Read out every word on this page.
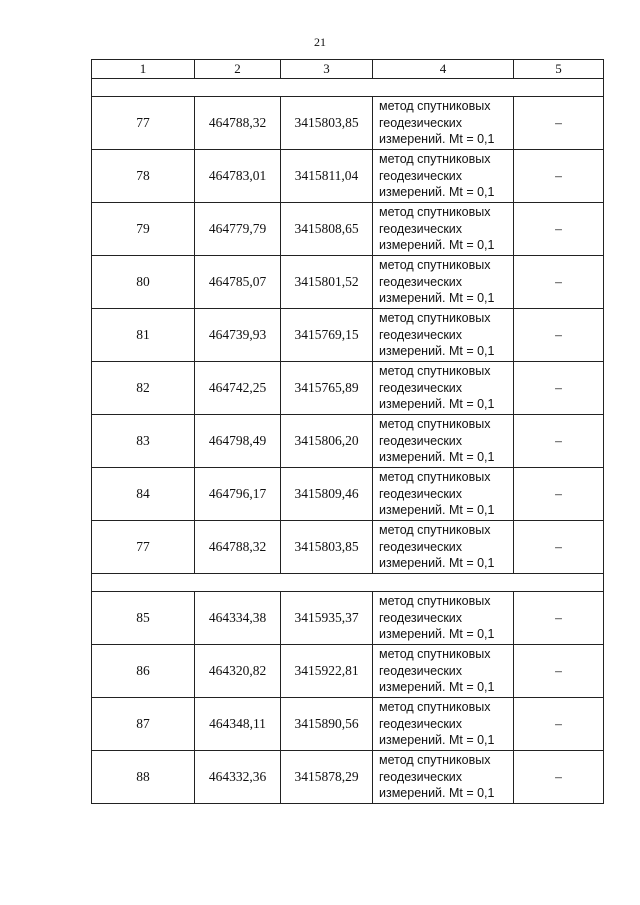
21
1	2	3	4	5

77	464788,32	3415803,85	метод спутниковых
геодезических
измерений. Mt = 0,1	–
78	464783,01	3415811,04	метод спутниковых
геодезических
измерений. Mt = 0,1	–
79	464779,79	3415808,65	метод спутниковых
геодезических
измерений. Mt = 0,1	–
80	464785,07	3415801,52	метод спутниковых
геодезических
измерений. Mt = 0,1	–
81	464739,93	3415769,15	метод спутниковых
геодезических
измерений. Mt = 0,1	–
82	464742,25	3415765,89	метод спутниковых
геодезических
измерений. Mt = 0,1	–
83	464798,49	3415806,20	метод спутниковых
геодезических
измерений. Mt = 0,1	–
84	464796,17	3415809,46	метод спутниковых
геодезических
измерений. Mt = 0,1	–
77	464788,32	3415803,85	метод спутниковых
геодезических
измерений. Mt = 0,1	–

85	464334,38	3415935,37	метод спутниковых
геодезических
измерений. Mt = 0,1	–
86	464320,82	3415922,81	метод спутниковых
геодезических
измерений. Mt = 0,1	–
87	464348,11	3415890,56	метод спутниковых
геодезических
измерений. Mt = 0,1	–
88	464332,36	3415878,29	метод спутниковых
геодезических
измерений. Mt = 0,1	–
